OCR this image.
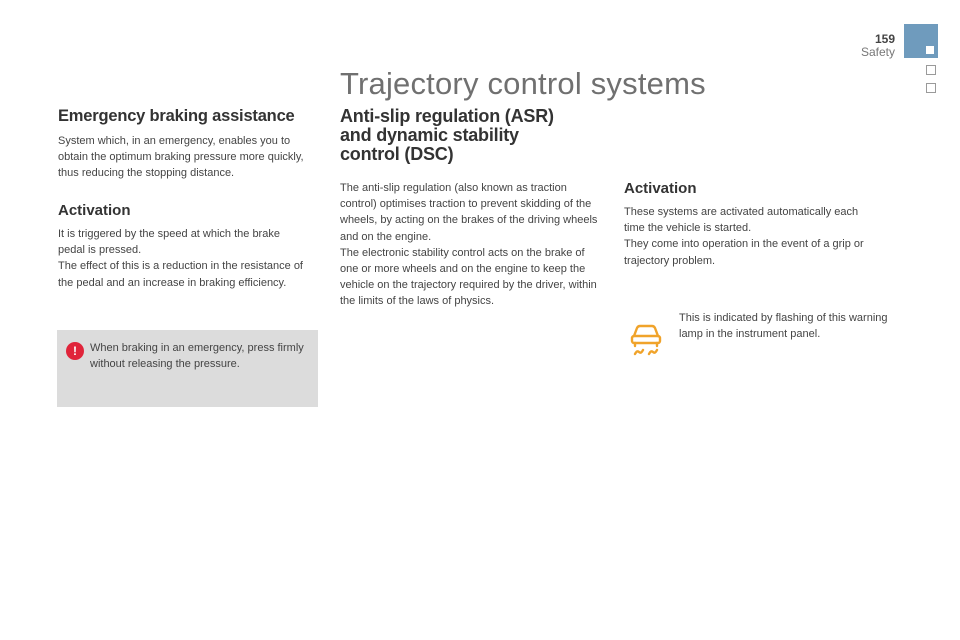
159
Safety
Trajectory control systems
Emergency braking assistance
System which, in an emergency, enables you to obtain the optimum braking pressure more quickly, thus reducing the stopping distance.
Activation

It is triggered by the speed at which the brake pedal is pressed.

The effect of this is a reduction in the resistance of the pedal and an increase in braking efficiency.

!	When braking in an emergency, press firmly without releasing the pressure.
Anti-slip regulation (ASR)
and dynamic stability
control (DSC)

The anti-slip regulation (also known as traction control) optimises traction to prevent skidding of the wheels, by acting on the brakes of the driving wheels and on the engine.

The electronic stability control acts on the brake of one or more wheels and on the engine to keep the vehicle on the trajectory required by the driver, within the limits of the laws of physics.

Activation

These systems are activated automatically each time the vehicle is started.

They come into operation in the event of a grip or trajectory problem.

This is indicated by flashing of this warning lamp in the instrument panel.
